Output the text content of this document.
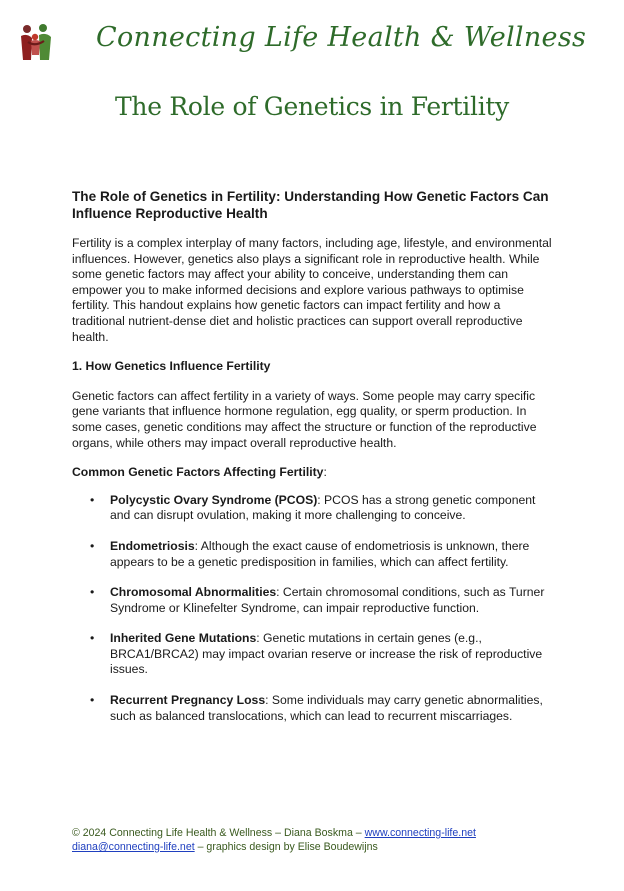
Connecting Life Health & Wellness
The Role of Genetics in Fertility
The Role of Genetics in Fertility: Understanding How Genetic Factors Can Influence Reproductive Health

Fertility is a complex interplay of many factors, including age, lifestyle, and environmental influences. However, genetics also plays a significant role in reproductive health. While some genetic factors may affect your ability to conceive, understanding them can empower you to make informed decisions and explore various pathways to optimise fertility. This handout explains how genetic factors can impact fertility and how a traditional nutrient-dense diet and holistic practices can support overall reproductive health.

1. How Genetics Influence Fertility

Genetic factors can affect fertility in a variety of ways. Some people may carry specific gene variants that influence hormone regulation, egg quality, or sperm production. In some cases, genetic conditions may affect the structure or function of the reproductive organs, while others may impact overall reproductive health.

Common Genetic Factors Affecting Fertility:
• Polycystic Ovary Syndrome (PCOS): PCOS has a strong genetic component and can disrupt ovulation, making it more challenging to conceive.
• Endometriosis: Although the exact cause of endometriosis is unknown, there appears to be a genetic predisposition in families, which can affect fertility.
• Chromosomal Abnormalities: Certain chromosomal conditions, such as Turner Syndrome or Klinefelter Syndrome, can impair reproductive function.
• Inherited Gene Mutations: Genetic mutations in certain genes (e.g., BRCA1/BRCA2) may impact ovarian reserve or increase the risk of reproductive issues.
• Recurrent Pregnancy Loss: Some individuals may carry genetic abnormalities, such as balanced translocations, which can lead to recurrent miscarriages.
© 2024 Connecting Life Health & Wellness – Diana Boskma – www.connecting-life.net
diana@connecting-life.net – graphics design by Elise Boudewijns
